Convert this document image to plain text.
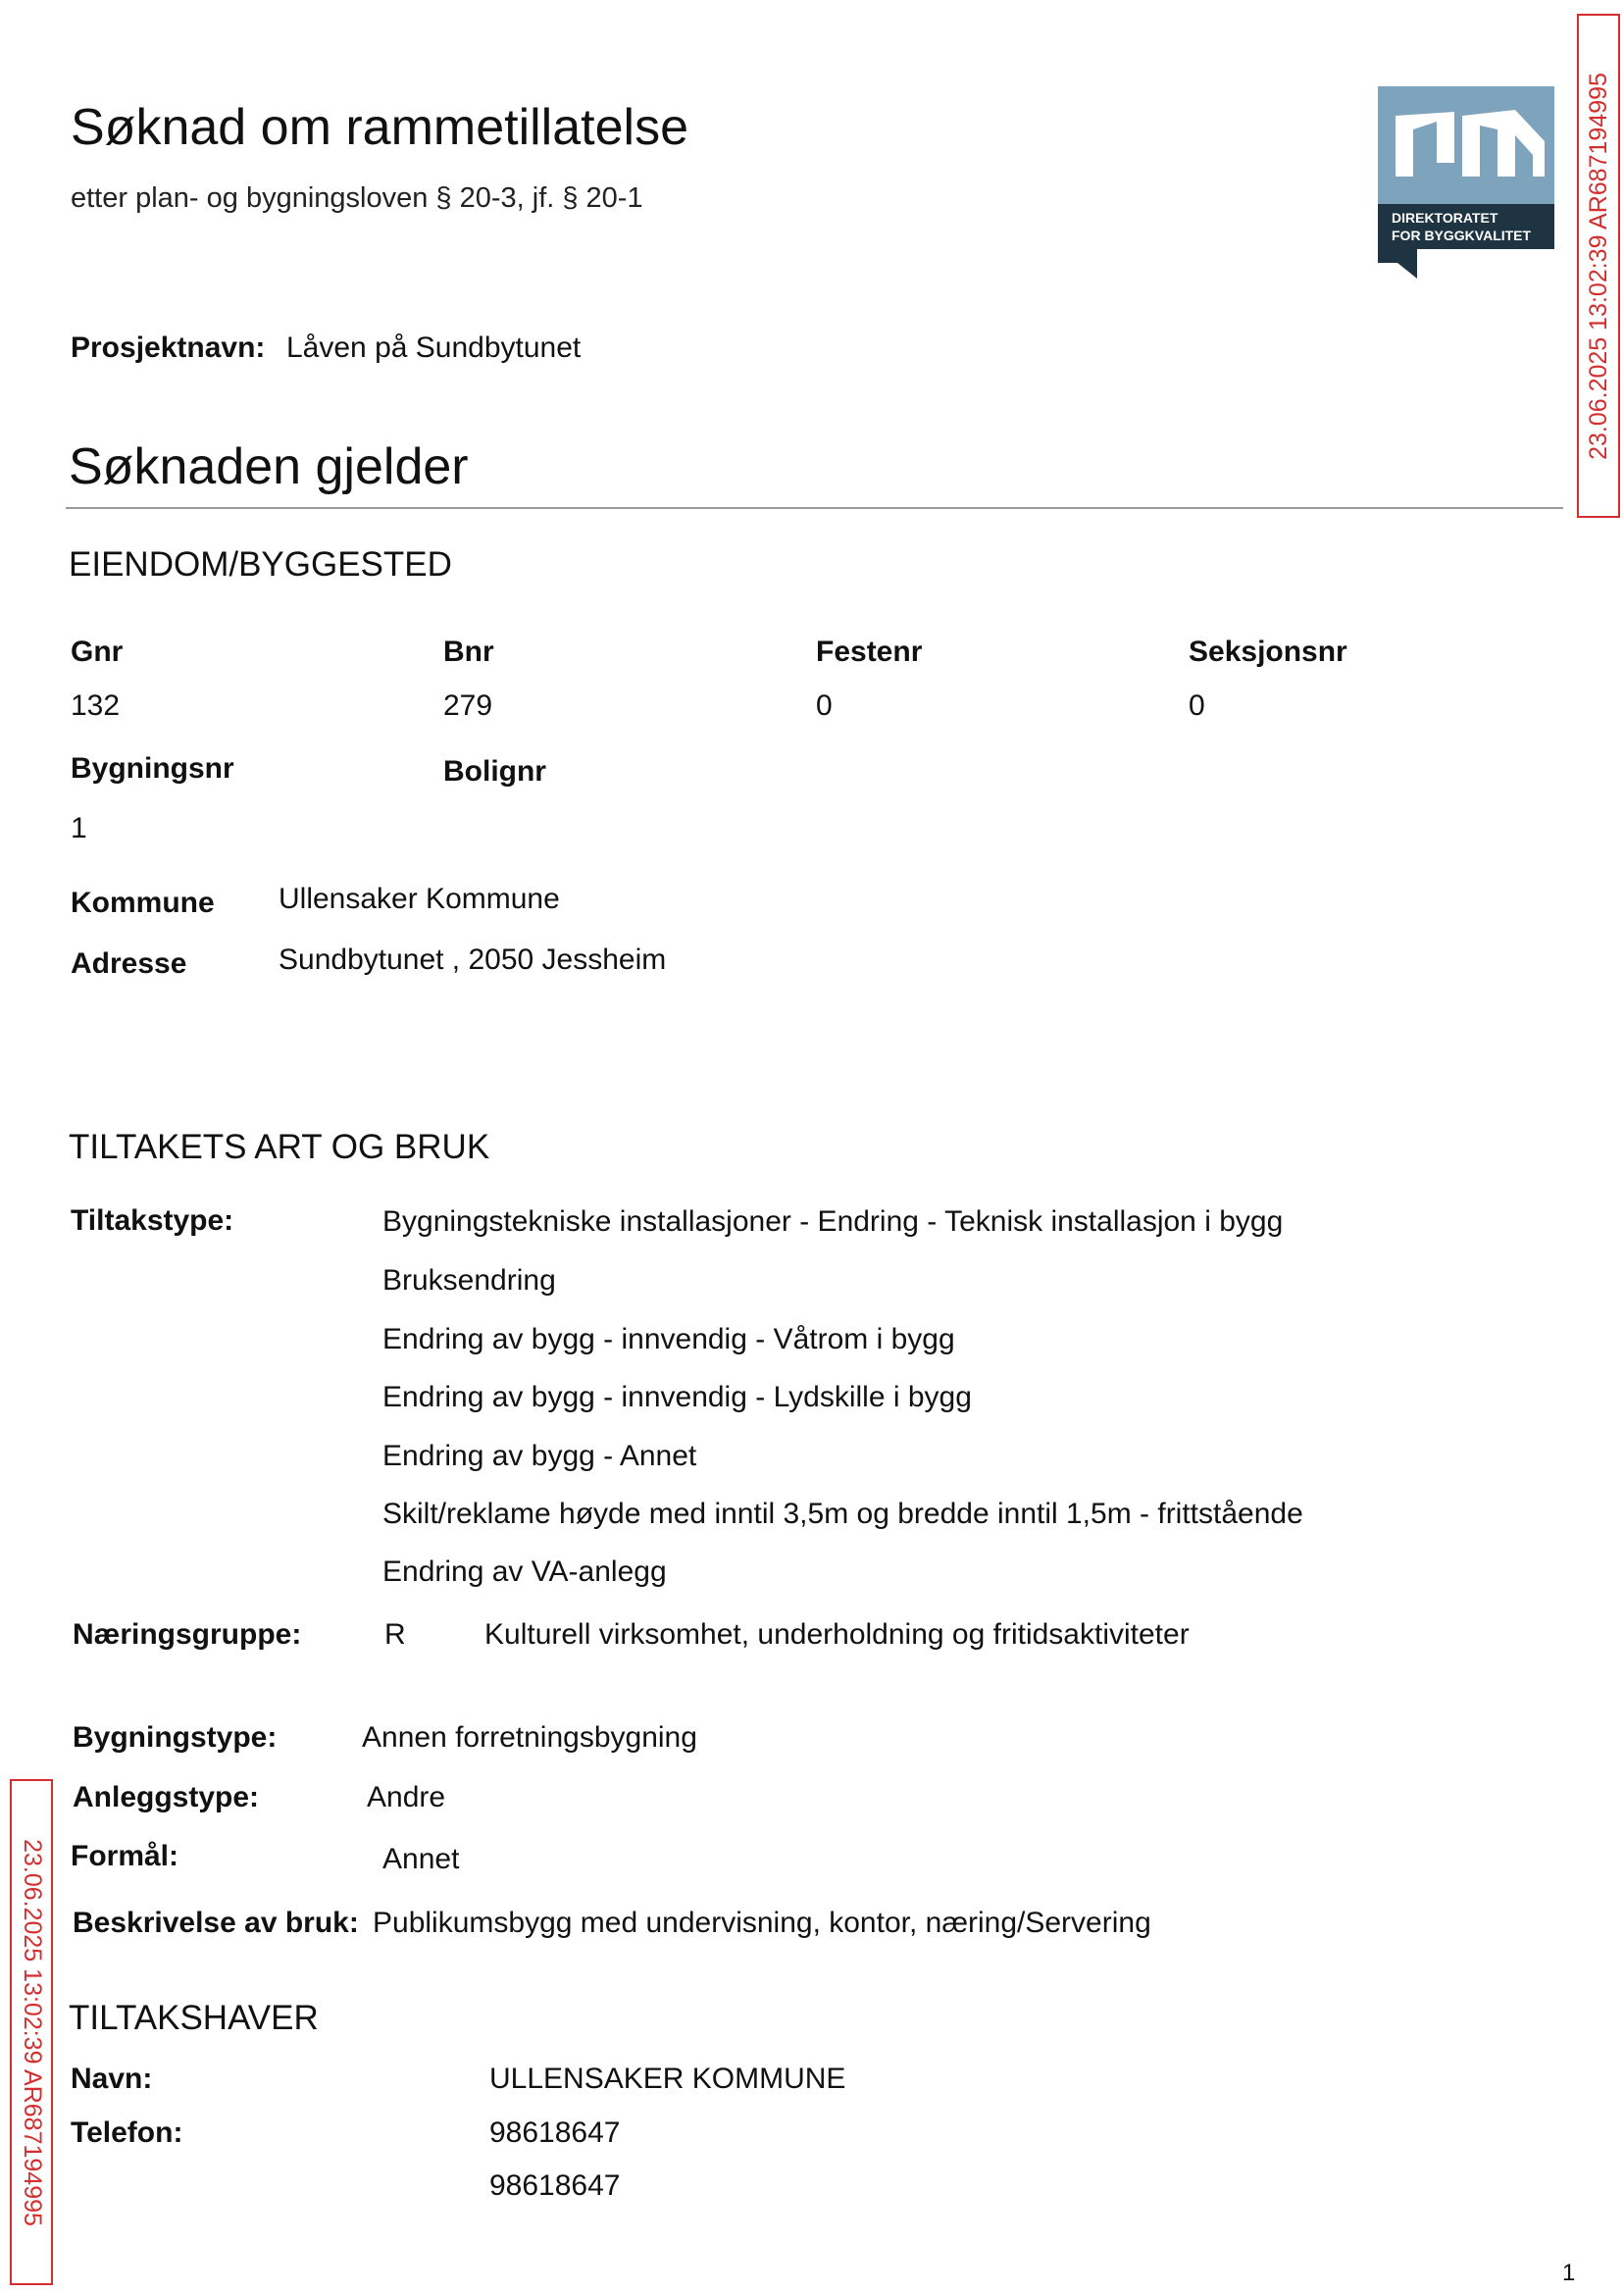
Søknad om rammetillatelse
etter plan- og bygningsloven § 20-3, jf. § 20-1
DIREKTORATET
FOR BYGGKVALITET
Prosjektnavn: Låven på Sundbytunet
Søknaden gjelder
EIENDOM/BYGGESTED
Gnr	Bnr	Festenr	Seksjonsnr
132	279	0	0
Bygningsnr	Bolignr
1
Kommune Ullensaker Kommune
Adresse	Sundbytunet , 2050 Jessheim
TILTAKETS ART OG BRUK
Tiltakstype:	Bygningstekniske installasjoner - Endring - Teknisk installasjon i bygg
Bruksendring
Endring av bygg - innvendig - Våtrom i bygg
Endring av bygg - innvendig - Lydskille i bygg
Endring av bygg - Annet
Skilt/reklame høyde med inntil 3,5m og bredde inntil 1,5m - frittstående
Endring av VA-anlegg
Næringsgruppe:	R	Kulturell virksomhet, underholdning og fritidsaktiviteter
Bygningstype:	Annen forretningsbygning
Anleggstype:	Andre
Formål:	Annet
Beskrivelse av bruk: Publikumsbygg med undervisning, kontor, næring/Servering
TILTAKSHAVER
Navn:	ULLENSAKER KOMMUNE
Telefon:	98618647
98618647
23.06.2025 13:02:39 AR687194995
23.06.2025 13:02:39 AR687194995
1
